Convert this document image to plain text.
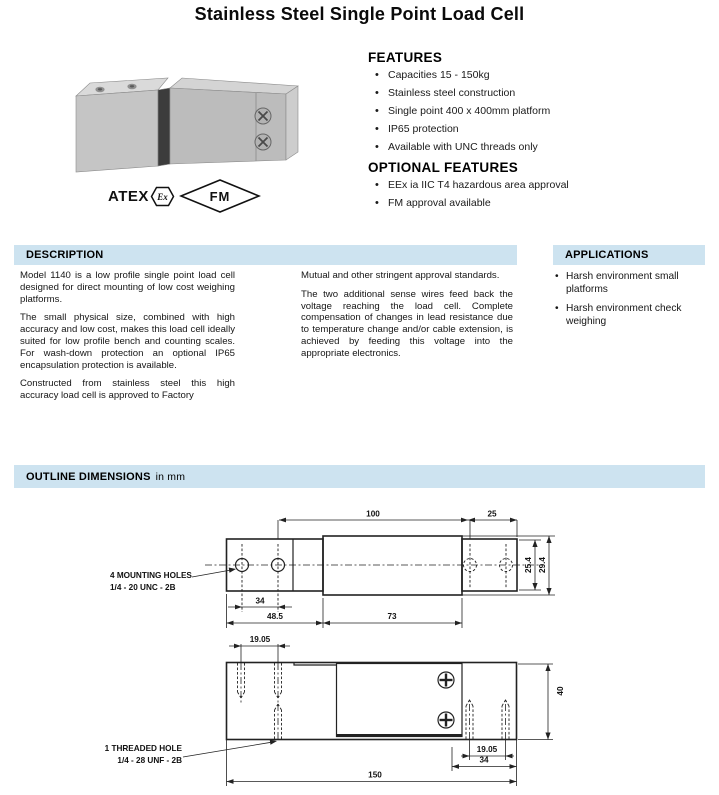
Stainless Steel Single Point Load Cell
ATEX Ex	FM
FEATURES
• Capacities 15 - 150kg
• Stainless steel construction
• Single point 400 x 400mm platform
• IP65 protection
• Available with UNC threads only
OPTIONAL FEATURES
• EEx ia IIC T4 hazardous area approval
• FM approval available
DESCRIPTION	APPLICATIONS

Model 1140 is a low profile single point load cell designed for direct mounting of low cost weighing platforms.

The small physical size, combined with high accuracy and low cost, makes this load cell ideally suited for low profile bench and counting scales. For wash-down protection an optional IP65 encapsulation protection is available.

Constructed from stainless steel this high accuracy load cell is approved to Factory

Mutual and other stringent approval standards.

The two additional sense wires feed back the voltage reaching the load cell. Complete compensation of changes in lead resistance due to temperature change and/or cable extension, is achieved by feeding this voltage into the appropriate electronics.

• Harsh environment small platforms
• Harsh environment check weighing
OUTLINE DIMENSIONS in mm
100	25
25.4 29.4
34
48.5	73
4 MOUNTING HOLES
1/4 - 20 UNC - 2B
19.05
40
19.05
34
150
1 THREADED HOLE
1/4 - 28 UNF - 2B
